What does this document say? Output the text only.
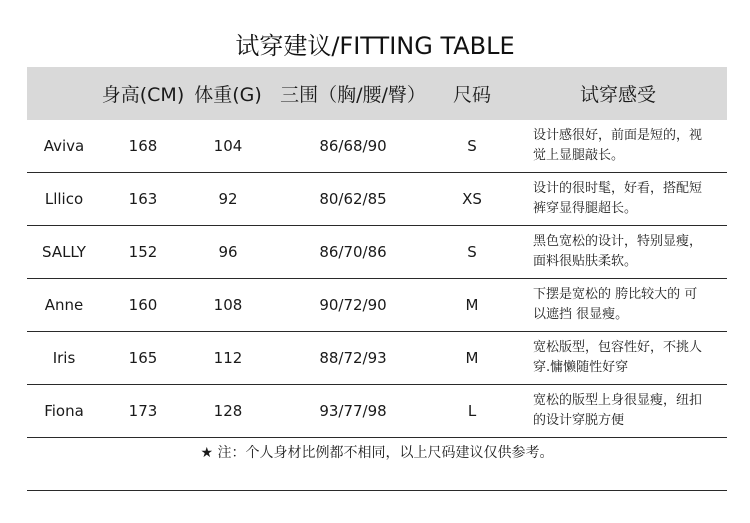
试穿建议/FITTING TABLE
身高(CM) 体重(G) 三围（胸/腰/臀）	尺码	试穿感受
Aviva	168	104	86/68/90	S
设计感很好，前面是短的，视
觉上显腿敲长。
Lllico	163	92	80/62/85	XS
设计的很时髦，好看，搭配短
裤穿显得腿超长。
SALLY	152	96	86/70/86	S
黑色宽松的设计，特别显瘦，
面料很贴肤柔软。
Anne	160	108	90/72/90	M
下摆是宽松的 胯比较大的 可
以遮挡 很显瘦。
Iris	165	112	88/72/93	M
宽松版型，包容性好，不挑人
穿.慵懒随性好穿
Fiona	173	128	93/77/98	L
宽松的版型上身很显瘦，纽扣
的设计穿脱方便
★ 注：个人身材比例都不相同，以上尺码建议仅供参考。
